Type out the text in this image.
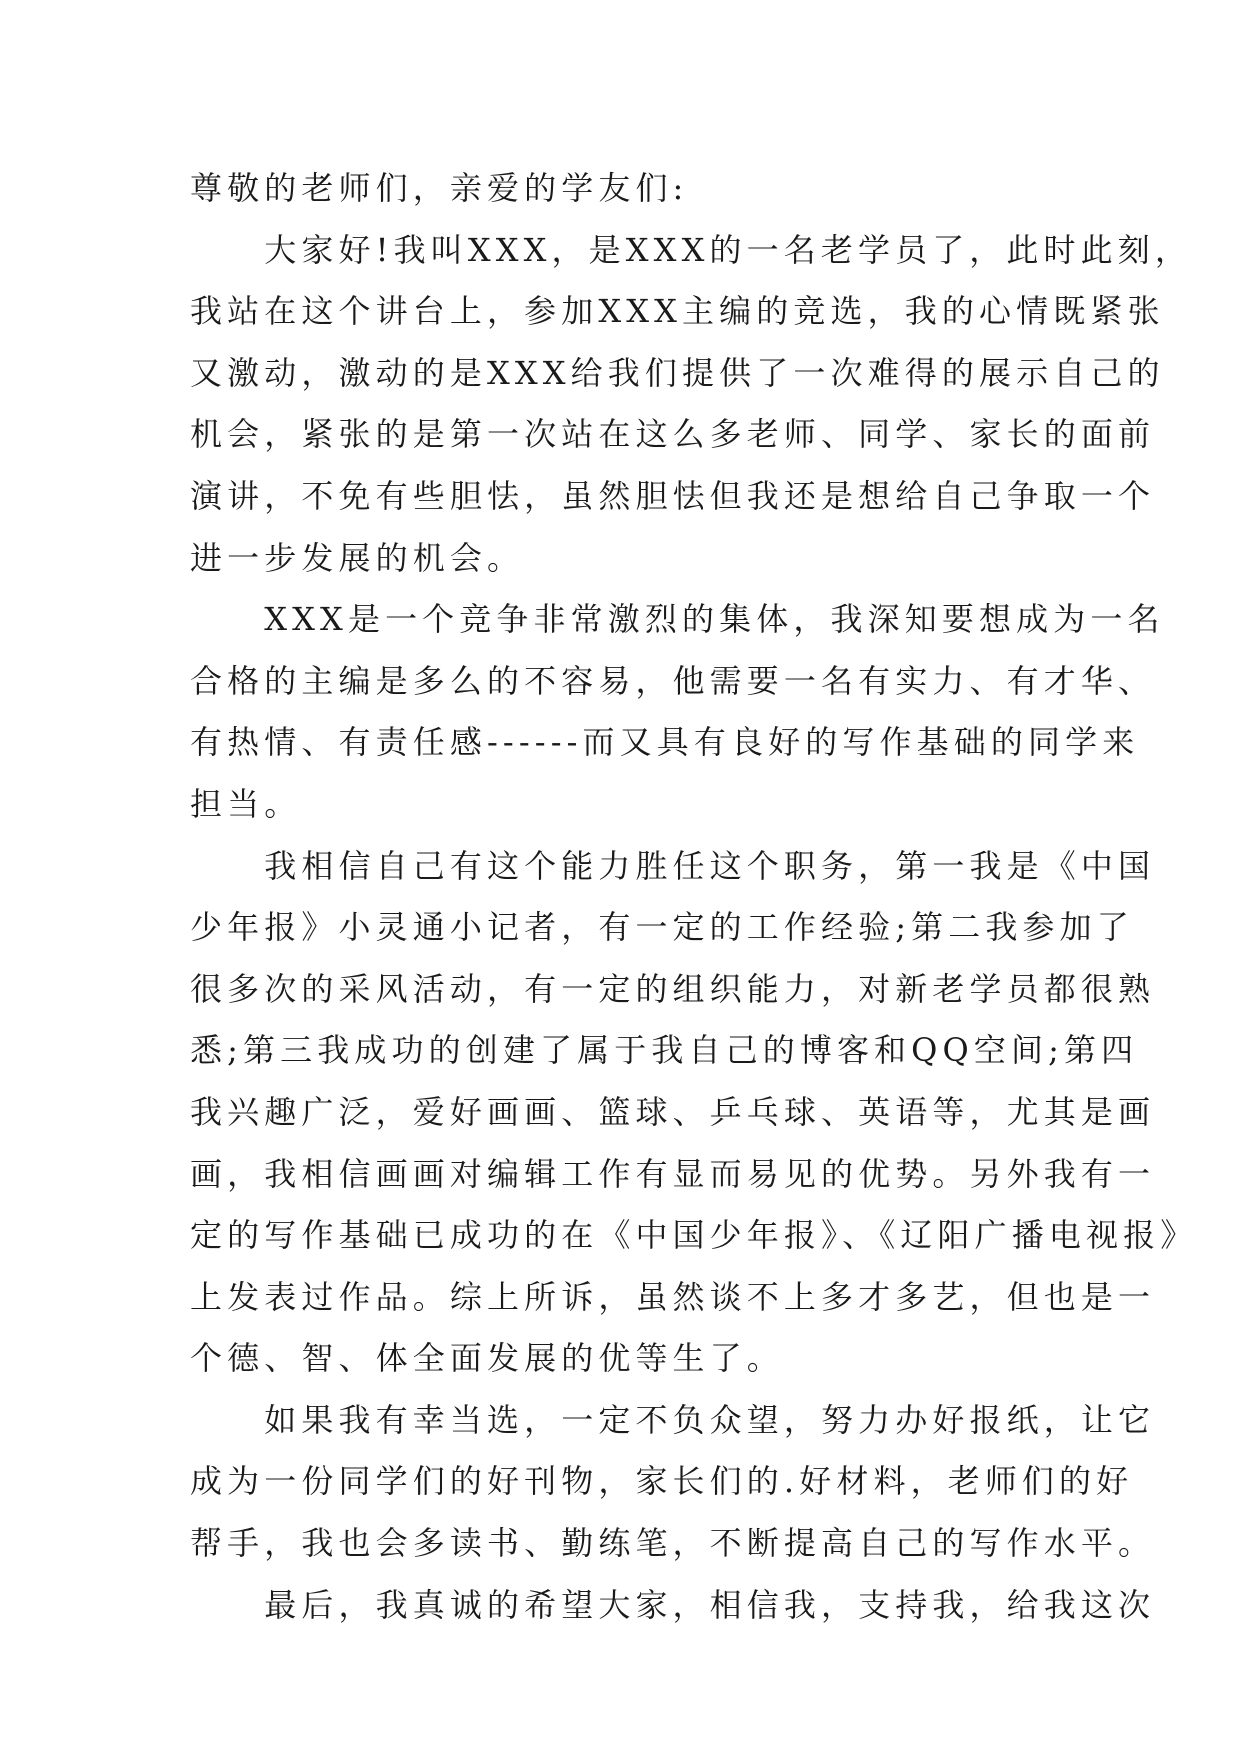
尊敬的老师们，亲爱的学友们:
　　大家好!我叫XXX，是XXX的一名老学员了，此时此刻，
我站在这个讲台上，参加XXX主编的竞选，我的心情既紧张
又激动，激动的是XXX给我们提供了一次难得的展示自己的
机会，紧张的是第一次站在这么多老师、同学、家长的面前
演讲，不免有些胆怯，虽然胆怯但我还是想给自己争取一个
进一步发展的机会。
　　XXX是一个竞争非常激烈的集体，我深知要想成为一名
合格的主编是多么的不容易，他需要一名有实力、有才华、
有热情、有责任感------而又具有良好的写作基础的同学来
担当。
　　我相信自己有这个能力胜任这个职务，第一我是《中国
少年报》小灵通小记者，有一定的工作经验;第二我参加了
很多次的采风活动，有一定的组织能力，对新老学员都很熟
悉;第三我成功的创建了属于我自己的博客和QQ空间;第四
我兴趣广泛，爱好画画、篮球、乒乓球、英语等，尤其是画
画，我相信画画对编辑工作有显而易见的优势。另外我有一
定的写作基础已成功的在《中国少年报》、《辽阳广播电视报》
上发表过作品。综上所诉，虽然谈不上多才多艺，但也是一
个德、智、体全面发展的优等生了。
　　如果我有幸当选，一定不负众望，努力办好报纸，让它
成为一份同学们的好刊物，家长们的.好材料，老师们的好
帮手，我也会多读书、勤练笔，不断提高自己的写作水平。
　　最后，我真诚的希望大家，相信我，支持我，给我这次
